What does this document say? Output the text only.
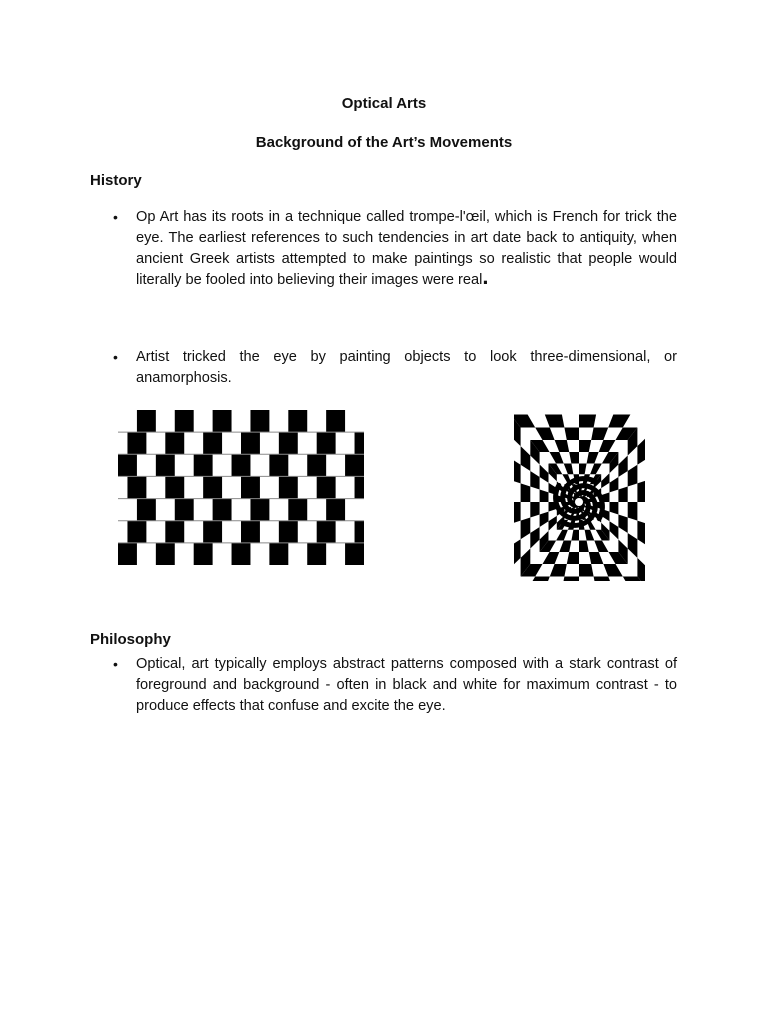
Optical Arts
Background of the Art’s Movements
History
• Op Art has its roots in a technique called trompe-l'œil, which is French for trick the eye. The earliest references to such tendencies in art date back to antiquity, when ancient Greek artists attempted to make paintings so realistic that people would literally be fooled into believing their images were real.
• Artist tricked the eye by painting objects to look three-dimensional, or anamorphosis.
Philosophy
• Optical, art typically employs abstract patterns composed with a stark contrast of foreground and background - often in black and white for maximum contrast - to produce effects that confuse and excite the eye.
